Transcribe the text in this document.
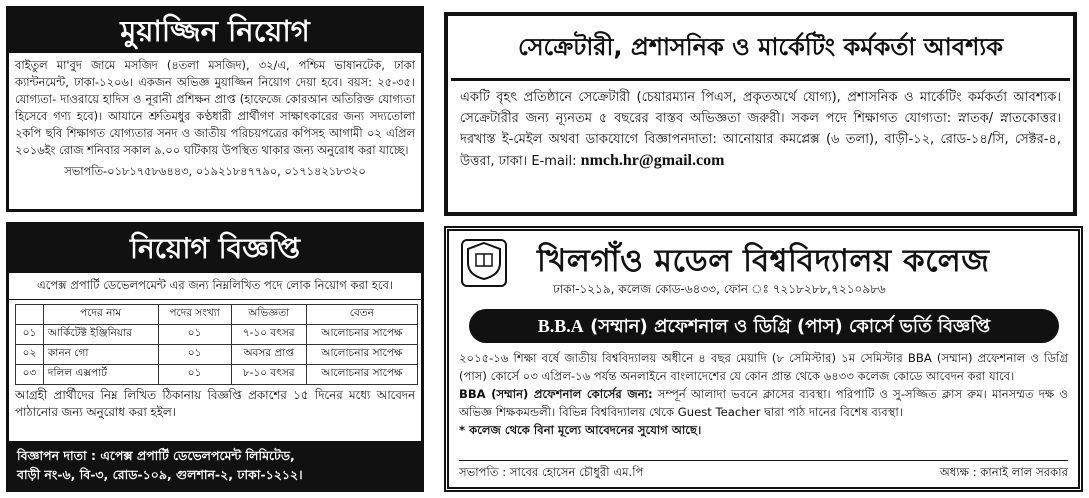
মুয়াজ্জিন নিয়োগ
বাইতুল মা'বুদ জামে মসজিদ (৪তলা মসজিদ), ৩২/এ, পশ্চিম ভাষানটেক, ঢাকা ক্যান্টনমেন্ট, ঢাকা-১২০৬। একজন অভিজ্ঞ মুয়াজ্জিন নিয়োগ দেয়া হবে। বয়স: ২৫-৩৫। যোগ্যতা- দাওরায়ে হাদিস ও নূরানী প্রশিক্ষন প্রাপ্ত (হাফেজে কোরআন অতিরিক্ত যোগ্যতা হিসেবে গণ্য হবে)। আযানে শ্রুতিমধুর কণ্ঠধারী প্রার্থীগণ সাক্ষাৎকারের জন্য সদ্যতোলা ২কপি ছবি শিক্ষাগত যোগ্যতার সনদ ও জাতীয় পরিচয়পত্রের কপিসহ আগামী ০২ এপ্রিল ২০১৬ইং রোজ শনিবার সকাল ৯.০০ ঘটিকায় উপস্থিত থাকার জন্য অনুরোধ করা যাচ্ছে।
সভাপতি-০১৮১৭৫৮৬৪৪৩, ০১৯২১৮৪৭৭৯০, ০১৭১৪২১৮৩২০
সেক্রেটারী, প্রশাসনিক ও মার্কেটিং কর্মকর্তা আবশ্যক
একটি বৃহৎ প্রতিষ্ঠানে সেক্রেটারী (চেয়ারম্যান পিএস, প্রকৃতঅর্থে যোগ্য), প্রশাসনিক ও মার্কেটিং কর্মকর্তা আবশ্যক। সেক্রেটারীর জন্য ন্যূনতম ৫ বছরের বাস্তব অভিজ্ঞতা জরুরী। সকল পদে শিক্ষাগত যোগ্যতা: স্নাতক/ স্নাতকোত্তর। দরখাস্ত ই-মেইল অথবা ডাকযোগে বিজ্ঞাপনদাতা: আনোয়ার কমপ্লেক্স (৬ তলা), বাড়ী-১২, রোড-১৪/সি, সেক্টর-৪, উত্তরা, ঢাকা। E-mail: nmch.hr@gmail.com
নিয়োগ বিজ্ঞপ্তি
এপেক্স প্রপার্টি ডেভেলপমেন্ট এর জন্য নিম্নলিখিত পদে লোক নিয়োগ করা হবে।
	পদের নাম	পদের সংখ্যা	অভিজ্ঞতা	বেতন
০১	আর্কিটেক্ট ইঞ্জিনিয়ার	০১	৭-১০ বৎসর	আলোচনার সাপেক্ষ
০২	কানন গো	০১	অবসর প্রাপ্ত	আলোচনার সাপেক্ষ
০৩	দলিল এক্সপার্ট	০১	৮-১০ বৎসর	আলোচনার সাপেক্ষ
আগ্রহী প্রার্থীদের নিম্ন লিখিত ঠিকানায় বিজ্ঞপ্তি প্রকাশের ১৫ দিনের মধ্যে আবেদন পাঠানোর জন্য অনুরোধ করা হইল।
বিজ্ঞাপন দাতা : এপেক্স প্রপার্টি ডেভেলপমেন্ট লিমিটেড,
বাড়ী নং-৬, বি-৩, রোড-১০৯, গুলশান-২, ঢাকা-১২১২।
খিলগাঁও মডেল বিশ্ববিদ্যালয় কলেজ
ঢাকা-১২১৯, কলেজ কোড-৬৪৩৩, ফোন ঃ ৭২১৮২৮৮,৭২১০৯৮৬
B.B.A (সম্মান) প্রফেশনাল ও ডিগ্রি (পাস) কোর্সে ভর্তি বিজ্ঞপ্তি
২০১৫-১৬ শিক্ষা বর্ষে জাতীয় বিশ্ববিদ্যালয় অধীনে ৪ বছর মেয়াদি (৮ সেমিস্টার) ১ম সেমিস্টার BBA (সম্মান) প্রফেশনাল ও ডিগ্রি (পাস) কোর্সে ০৩ এপ্রিল-১৬ পর্যন্ত অনলাইনে বাংলাদেশের যে কোন প্রান্ত থেকে ৬৪৩৩ কলেজ কোডে আবেদন করা যাবে।
BBA (সম্মান) প্রফেশনাল কোর্সের জন্য: সম্পূর্ন আলাদা ভবনে ক্লাসের ব্যবস্থা। পরিপাটি ও সু-সজ্জিত ক্লাস রুম। মানসম্মত দক্ষ ও অভিজ্ঞ শিক্ষকমন্ডলী। বিভিন্ন বিশ্ববিদ্যালয় থেকে Guest Teacher দ্বারা পাঠ দানের বিশেষ ব্যবস্থা।
* কলেজ থেকে বিনা মূল্যে আবেদনের সুযোগ আছে।
সভাপতি : সাবের হোসেন চৌধুরী এম.পি	অধ্যক্ষ : কানাই লাল সরকার
